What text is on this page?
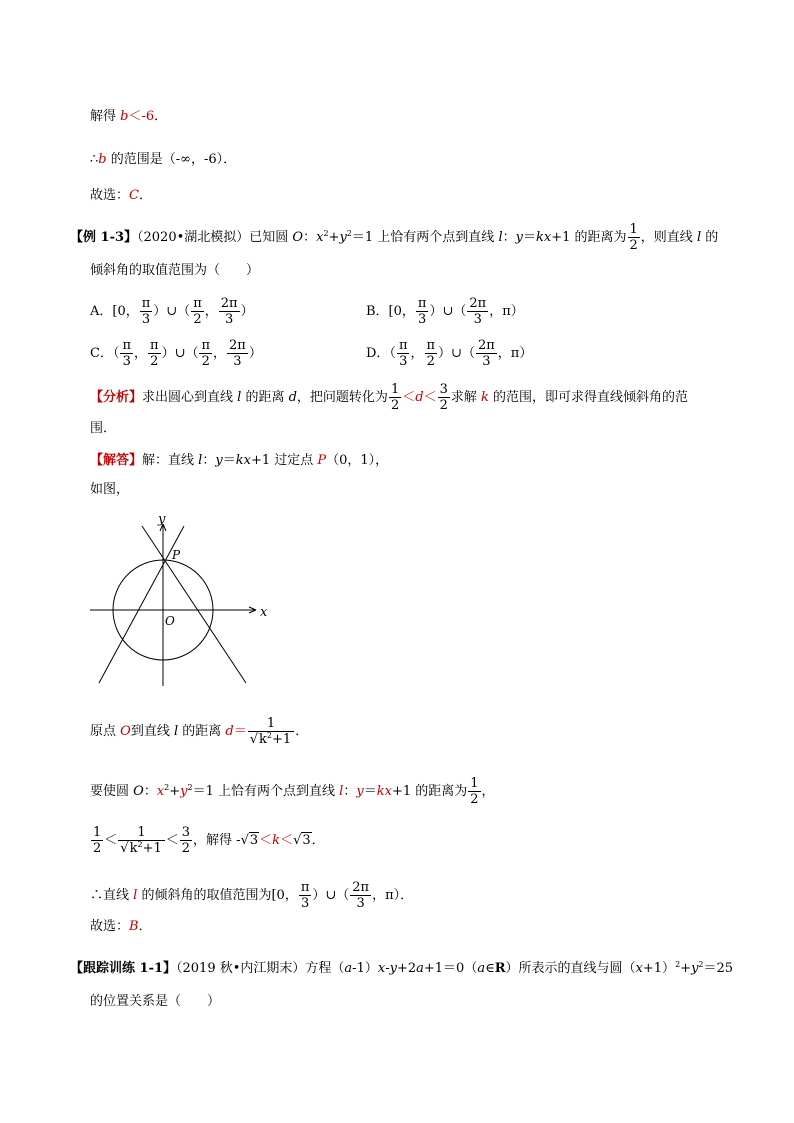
解得 b＜-6．
∴b 的范围是（-∞，-6）．
故选：C．
【例 1-3】（2020•湖北模拟）已知圆 O：$x^2+y^2=1$ 上恰有两个点到直线 l：y＝kx+1 的距离为 $\frac{1}{2}$ ，则直线 l 的
倾斜角的取值范围为（　　）
A．[0， $\frac{\pi}{3}$ ）∪（ $\frac{\pi}{2}$ ， $\frac{2\pi}{3}$ ）	B．[0， $\frac{\pi}{3}$ ）∪（ $\frac{2\pi}{3}$ ，π）
C．（ $\frac{\pi}{3}$ ， $\frac{\pi}{2}$ ）∪（ $\frac{\pi}{2}$ ， $\frac{2\pi}{3}$ ）	D．（ $\frac{\pi}{3}$ ， $\frac{\pi}{2}$ ）∪（ $\frac{2\pi}{3}$ ，π）
【分析】求出圆心到直线 l 的距离 d，把问题转化为 $\frac{1}{2} <d< \frac{3}{2}$ 求解 k 的范围，即可求得直线倾斜角的范
围．
【解答】解：直线 l：y＝kx+1 过定点 P（0，1），
如图，
y
x
P
O
原点 O到直线 l 的距离 $d= \frac{1}{√k^2+1}$ ．
要使圆 O：$x^2+y^2=1$ 上恰有两个点到直线 l：y＝kx+1 的距离为 $\frac{1}{2}$ ，
$\frac{1}{2} < \frac{1}{√k^2+1} < \frac{3}{2}$ ，解得 -√3＜k＜√3．
∴直线 l 的倾斜角的取值范围为[0， $\frac{\pi}{3}$ ）∪（ $\frac{2\pi}{3}$ ，π）．
故选：B．
【跟踪训练 1-1】（2019 秋•内江期末）方程（a-1）x-y+2a+1＝0（a∈R）所表示的直线与圆$(x+1)^2+y^2=25$
的位置关系是（　　）
